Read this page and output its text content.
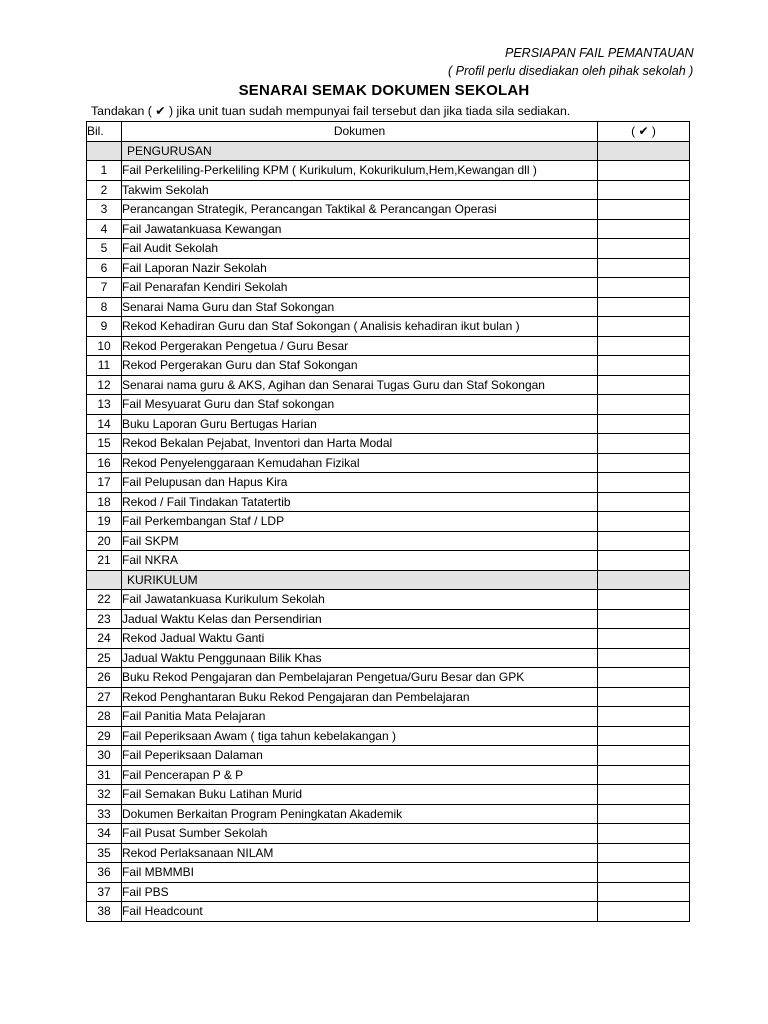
PERSIAPAN FAIL PEMANTAUAN
( Profil perlu disediakan oleh pihak sekolah )
SENARAI SEMAK DOKUMEN SEKOLAH
Tandakan ( ✔ ) jika unit tuan sudah mempunyai fail tersebut dan jika tiada sila sediakan.
Bil.	Dokumen	( ✔ )
	PENGURUSAN	
1	Fail Perkeliling-Perkeliling KPM ( Kurikulum, Kokurikulum,Hem,Kewangan dll )	
2	Takwim Sekolah	
3	Perancangan Strategik, Perancangan Taktikal & Perancangan Operasi	
4	Fail Jawatankuasa Kewangan	
5	Fail Audit Sekolah	
6	Fail Laporan Nazir Sekolah	
7	Fail Penarafan Kendiri Sekolah	
8	Senarai Nama Guru dan Staf Sokongan	
9	Rekod Kehadiran Guru dan Staf Sokongan ( Analisis kehadiran ikut bulan )	
10	Rekod Pergerakan Pengetua / Guru Besar	
11	Rekod Pergerakan Guru dan Staf Sokongan	
12	Senarai nama guru & AKS, Agihan dan Senarai Tugas Guru dan Staf Sokongan	
13	Fail Mesyuarat Guru dan Staf sokongan	
14	Buku Laporan Guru Bertugas Harian	
15	Rekod Bekalan Pejabat, Inventori dan Harta Modal	
16	Rekod Penyelenggaraan Kemudahan Fizikal	
17	Fail Pelupusan dan Hapus Kira	
18	Rekod / Fail Tindakan Tatatertib	
19	Fail Perkembangan Staf / LDP	
20	Fail SKPM	
21	Fail NKRA	
	KURIKULUM	
22	Fail Jawatankuasa Kurikulum Sekolah	
23	Jadual Waktu Kelas dan Persendirian	
24	Rekod Jadual Waktu Ganti	
25	Jadual Waktu Penggunaan Bilik Khas	
26	Buku Rekod Pengajaran dan Pembelajaran Pengetua/Guru Besar dan GPK	
27	Rekod Penghantaran Buku Rekod Pengajaran dan Pembelajaran	
28	Fail Panitia Mata Pelajaran	
29	Fail Peperiksaan Awam ( tiga tahun kebelakangan )	
30	Fail Peperiksaan Dalaman	
31	Fail Pencerapan P & P	
32	Fail Semakan Buku Latihan Murid	
33	Dokumen Berkaitan Program Peningkatan Akademik	
34	Fail Pusat Sumber Sekolah	
35	Rekod Perlaksanaan NILAM	
36	Fail MBMMBI	
37	Fail PBS	
38	Fail Headcount	
